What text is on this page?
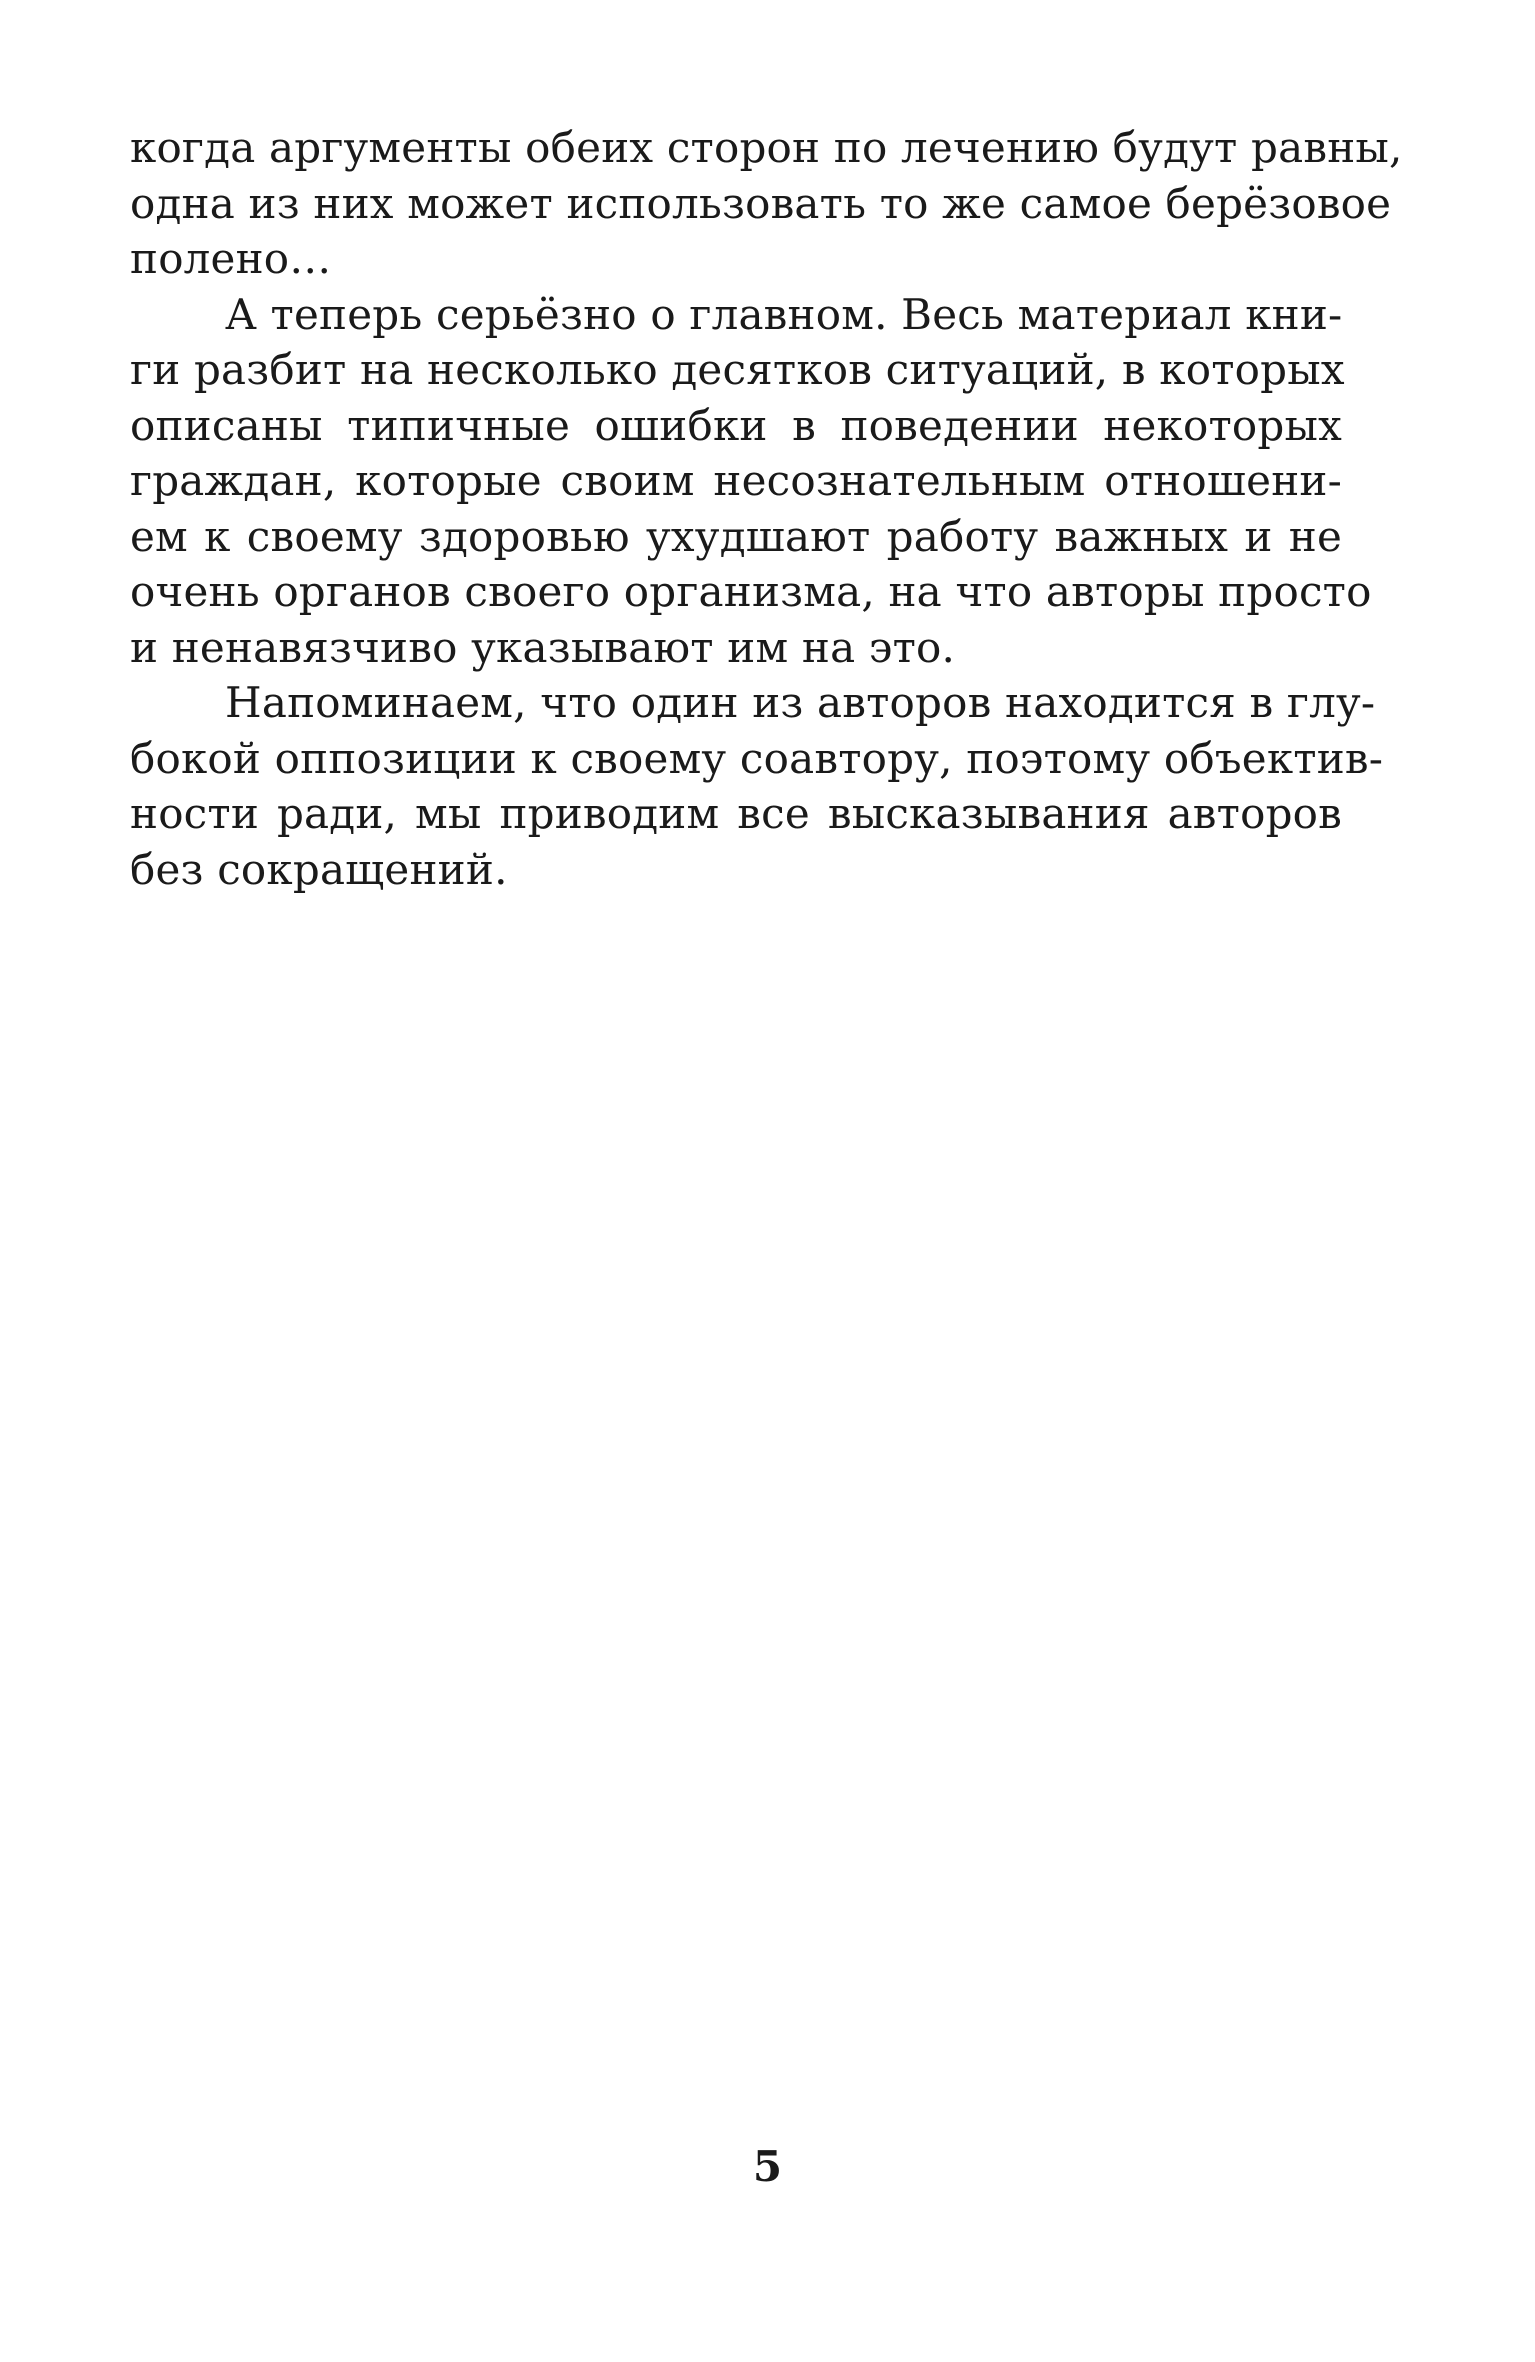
когда аргументы обеих сторон по лечению будут равны,
одна из них может использовать то же самое берёзовое
полено…
А теперь серьёзно о главном. Весь материал кни-
ги разбит на несколько десятков ситуаций, в которых
описаны типичные ошибки в поведении некоторых
граждан, которые своим несознательным отношени-
ем к своему здоровью ухудшают работу важных и не
очень органов своего организма, на что авторы просто
и ненавязчиво указывают им на это.
Напоминаем, что один из авторов находится в глу-
бокой оппозиции к своему соавтору, поэтому объектив-
ности ради, мы приводим все высказывания авторов
без сокращений.
5
